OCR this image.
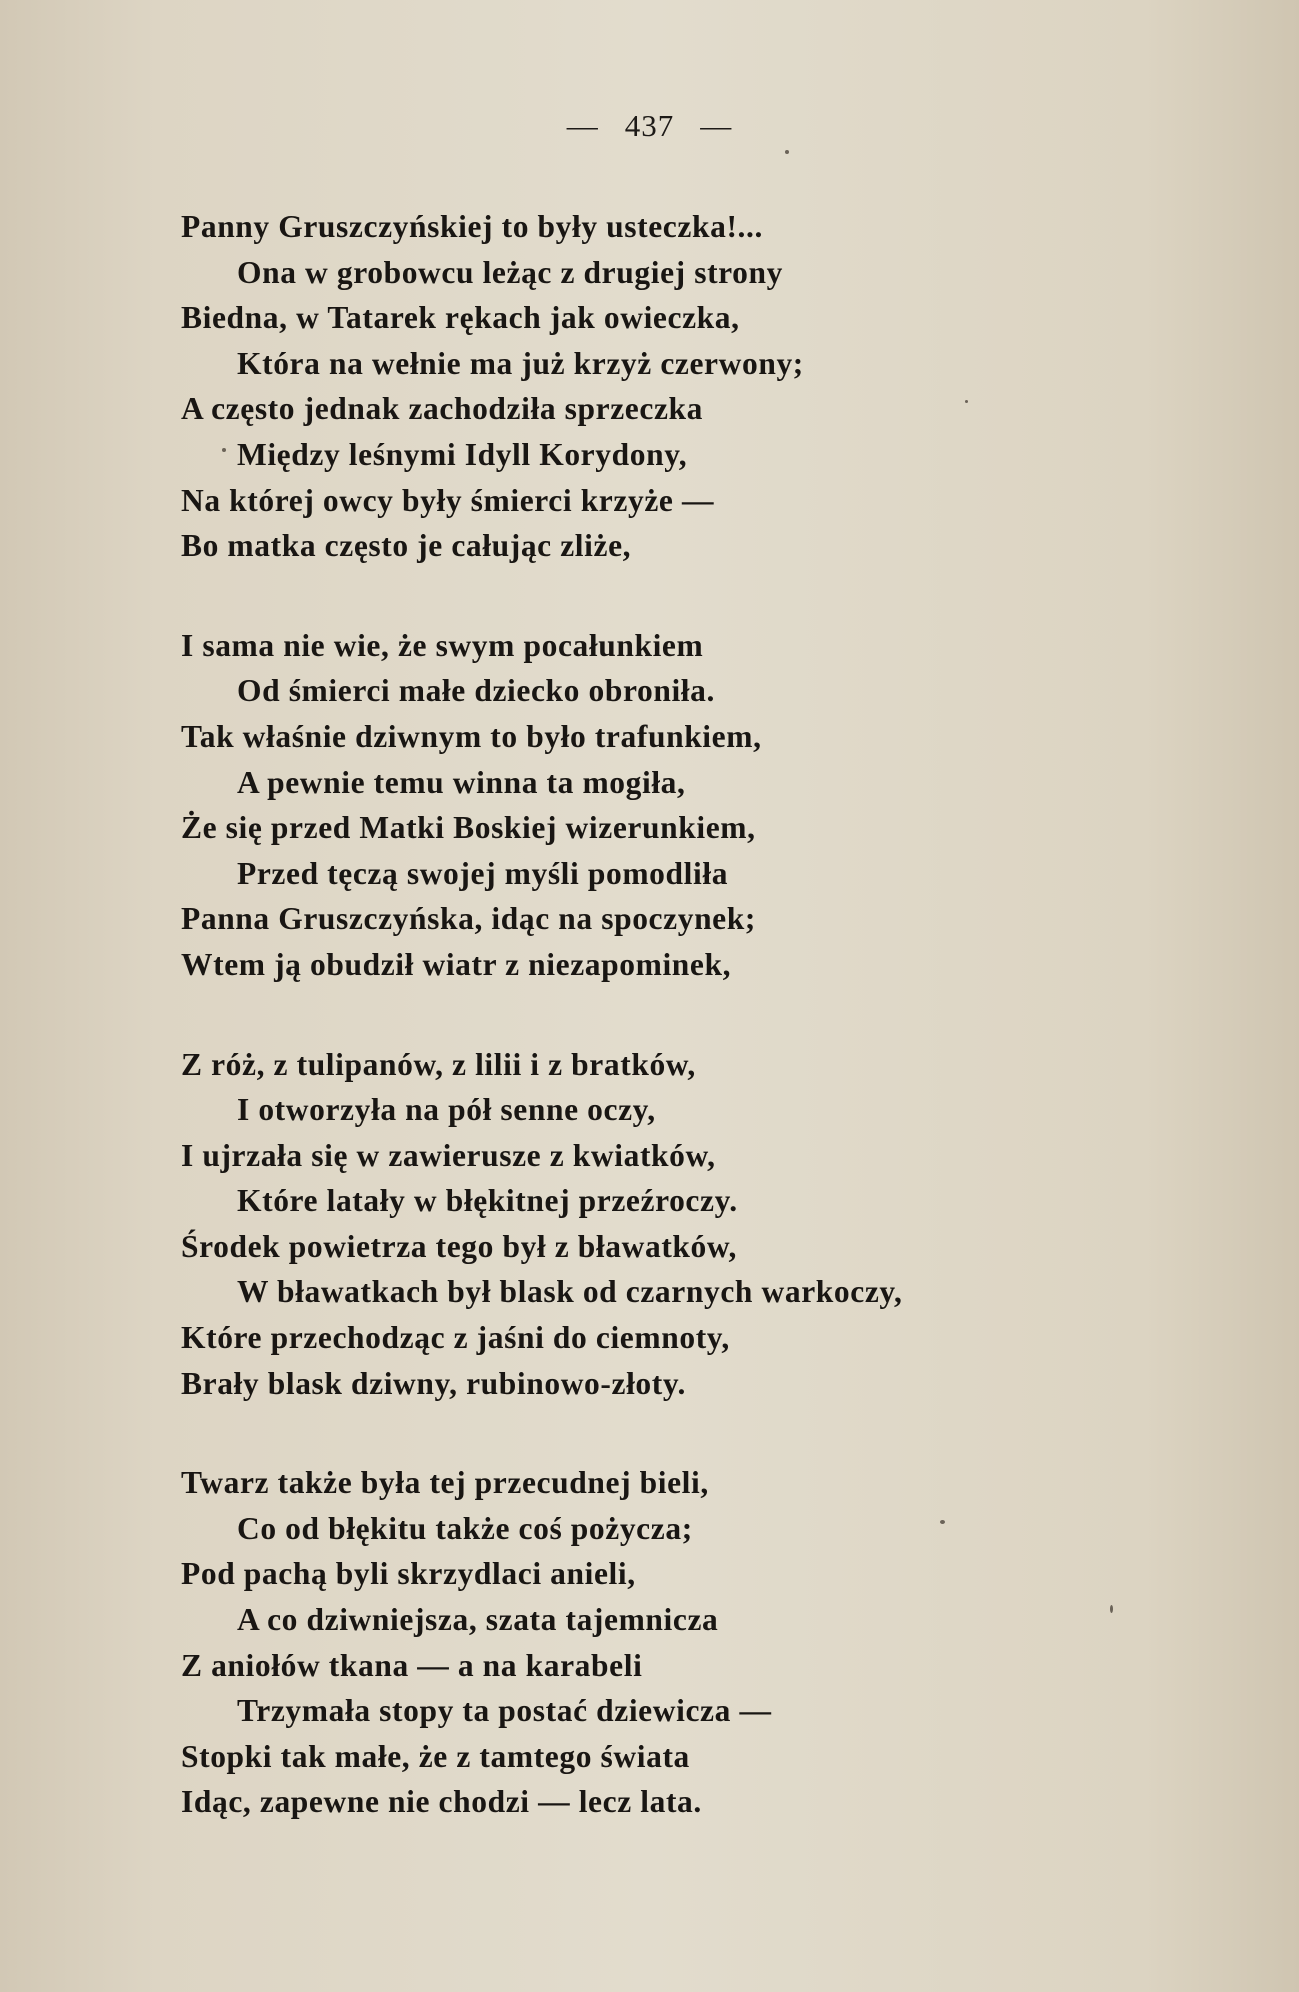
— 437 —
Panny Gruszczyńskiej to były usteczka!...
Ona w grobowcu leżąc z drugiej strony
Biedna, w Tatarek rękach jak owieczka,
Która na wełnie ma już krzyż czerwony;
A często jednak zachodziła sprzeczka
Między leśnymi Idyll Korydony,
Na której owcy były śmierci krzyże —
Bo matka często je całując zliże,
I sama nie wie, że swym pocałunkiem
Od śmierci małe dziecko obroniła.
Tak właśnie dziwnym to było trafunkiem,
A pewnie temu winna ta mogiła,
Że się przed Matki Boskiej wizerunkiem,
Przed tęczą swojej myśli pomodliła
Panna Gruszczyńska, idąc na spoczynek;
Wtem ją obudził wiatr z niezapominek,
Z róż, z tulipanów, z lilii i z bratków,
I otworzyła na pół senne oczy,
I ujrzała się w zawierusze z kwiatków,
Które latały w błękitnej przeźroczy.
Środek powietrza tego był z bławatków,
W bławatkach był blask od czarnych warkoczy,
Które przechodząc z jaśni do ciemnoty,
Brały blask dziwny, rubinowo-złoty.
Twarz także była tej przecudnej bieli,
Co od błękitu także coś pożycza;
Pod pachą byli skrzydlaci anieli,
A co dziwniejsza, szata tajemnicza
Z aniołów tkana — a na karabeli
Trzymała stopy ta postać dziewicza —
Stopki tak małe, że z tamtego świata
Idąc, zapewne nie chodzi — lecz lata.
